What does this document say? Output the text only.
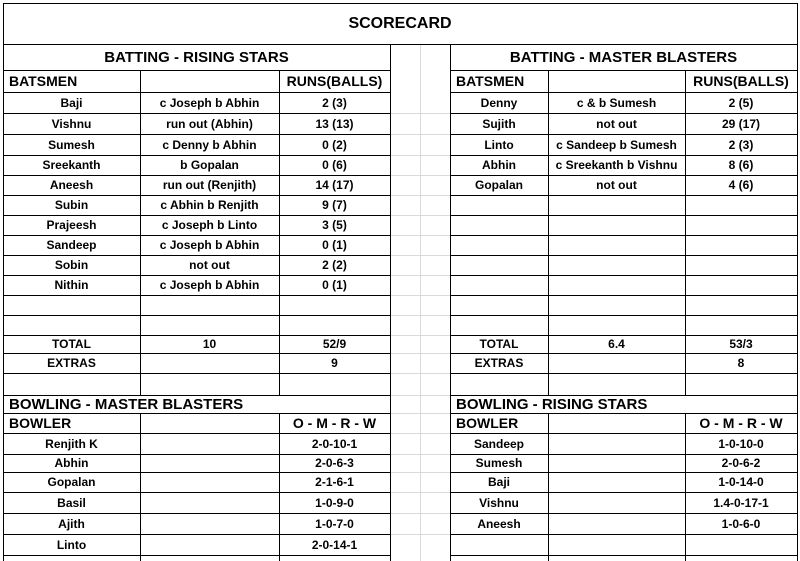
SCORECARD
BATTING - RISING STARS
BATSMEN	RUNS(BALLS)
Baji	c Joseph b Abhin	2 (3)
Vishnu	run out (Abhin)	13 (13)
Sumesh	c Denny b Abhin	0 (2)
Sreekanth	b Gopalan	0 (6)
Aneesh	run out (Renjith)	14 (17)
Subin	c Abhin b Renjith	9 (7)
Prajeesh	c Joseph b Linto	3 (5)
Sandeep	c Joseph b Abhin	0 (1)
Sobin	not out	2 (2)
Nithin	c Joseph b Abhin	0 (1)
TOTAL	10	52/9
EXTRAS	9
BOWLING - MASTER BLASTERS
BOWLER	O - M - R - W
Renjith K	2-0-10-1
Abhin	2-0-6-3
Gopalan	2-1-6-1
Basil	1-0-9-0
Ajith	1-0-7-0
Linto	2-0-14-1
BATTING - MASTER BLASTERS
BATSMEN	RUNS(BALLS)
Denny	c & b Sumesh	2 (5)
Sujith	not out	29 (17)
Linto	c Sandeep b Sumesh	2 (3)
Abhin	c Sreekanth b Vishnu	8 (6)
Gopalan	not out	4 (6)
TOTAL	6.4	53/3
EXTRAS	8
BOWLING - RISING STARS
BOWLER	O - M - R - W
Sandeep	1-0-10-0
Sumesh	2-0-6-2
Baji	1-0-14-0
Vishnu	1.4-0-17-1
Aneesh	1-0-6-0
